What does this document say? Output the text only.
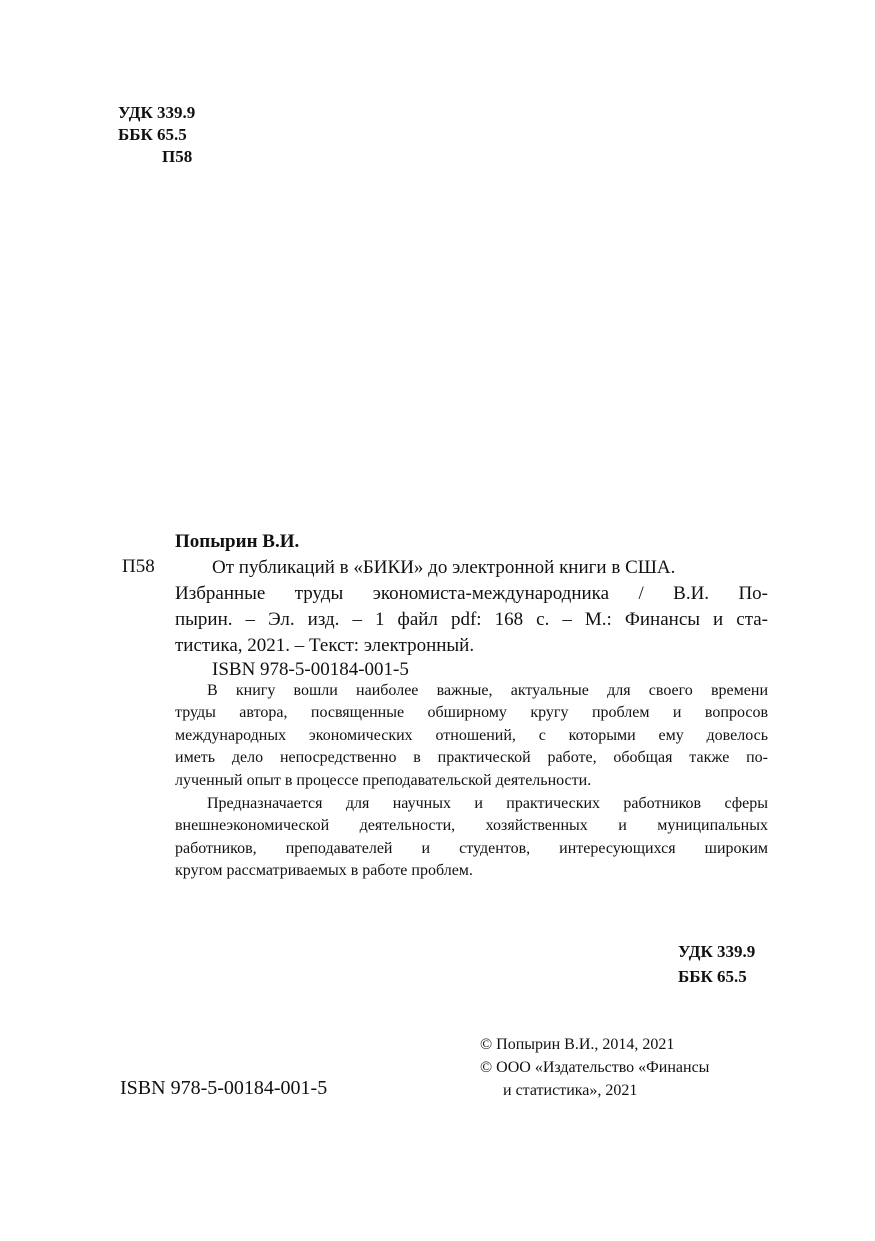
УДК 339.9
ББК 65.5
П58
Попырин В.И.
П58	От публикаций в «БИКИ» до электронной книги в США.
Избранные труды экономиста-международника / В.И. По-
пырин. – Эл. изд. – 1 файл pdf: 168 с. – М.: Финансы и ста-
тистика, 2021. – Текст: электронный.
ISBN 978-5-00184-001-5
В книгу вошли наиболее важные, актуальные для своего времени
труды автора, посвященные обширному кругу проблем и вопросов
международных экономических отношений, с которыми ему довелось
иметь дело непосредственно в практической работе, обобщая также по-
лученный опыт в процессе преподавательской деятельности.
Предназначается для научных и практических работников сферы
внешнеэкономической деятельности, хозяйственных и муниципальных
работников, преподавателей и студентов, интересующихся широким
кругом рассматриваемых в работе проблем.
УДК 339.9
ББК 65.5
© Попырин В.И., 2014, 2021
© ООО «Издательство «Финансы
и статистика», 2021
ISBN 978-5-00184-001-5
